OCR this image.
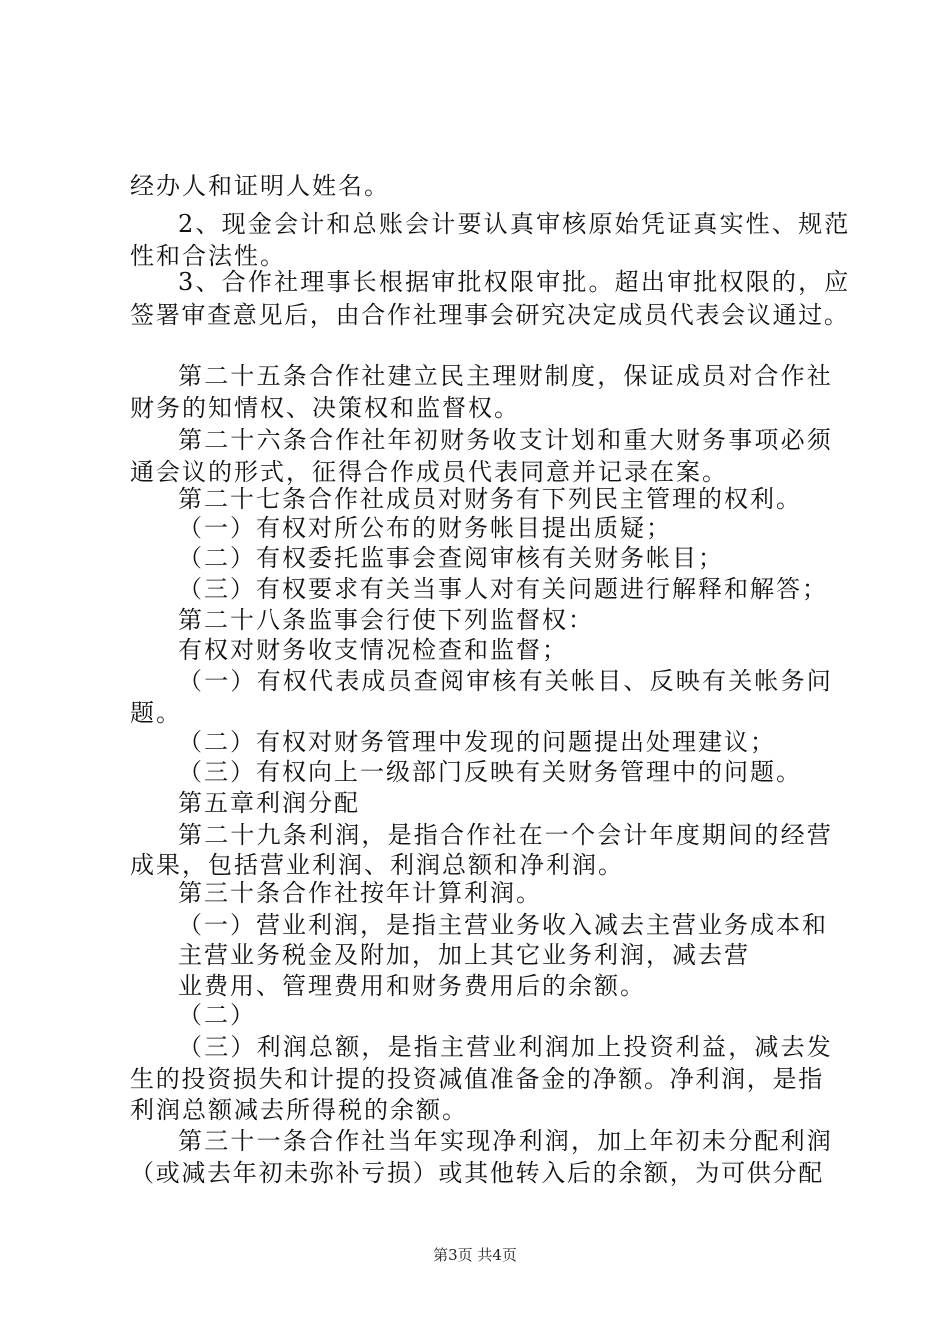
经办人和证明人姓名。
2、现金会计和总账会计要认真审核原始凭证真实性、规范
性和合法性。
3、合作社理事长根据审批权限审批。超出审批权限的，应
签署审查意见后，由合作社理事会研究决定成员代表会议通过。
第二十五条合作社建立民主理财制度，保证成员对合作社
财务的知情权、决策权和监督权。
第二十六条合作社年初财务收支计划和重大财务事项必须
通会议的形式，征得合作成员代表同意并记录在案。
第二十七条合作社成员对财务有下列民主管理的权利。
（一）有权对所公布的财务帐目提出质疑；
（二）有权委托监事会查阅审核有关财务帐目；
（三）有权要求有关当事人对有关问题进行解释和解答；
第二十八条监事会行使下列监督权：
有权对财务收支情况检查和监督；
（一）有权代表成员查阅审核有关帐目、反映有关帐务问
题。
（二）有权对财务管理中发现的问题提出处理建议；
（三）有权向上一级部门反映有关财务管理中的问题。
第五章利润分配
第二十九条利润，是指合作社在一个会计年度期间的经营
成果，包括营业利润、利润总额和净利润。
第三十条合作社按年计算利润。
（一）营业利润，是指主营业务收入减去主营业务成本和
主营业务税金及附加，加上其它业务利润，减去营
业费用、管理费用和财务费用后的余额。
（二）
（三）利润总额，是指主营业利润加上投资利益，减去发
生的投资损失和计提的投资减值准备金的净额。净利润，是指
利润总额减去所得税的余额。
第三十一条合作社当年实现净利润，加上年初未分配利润
（或减去年初未弥补亏损）或其他转入后的余额，为可供分配
第3页 共4页
